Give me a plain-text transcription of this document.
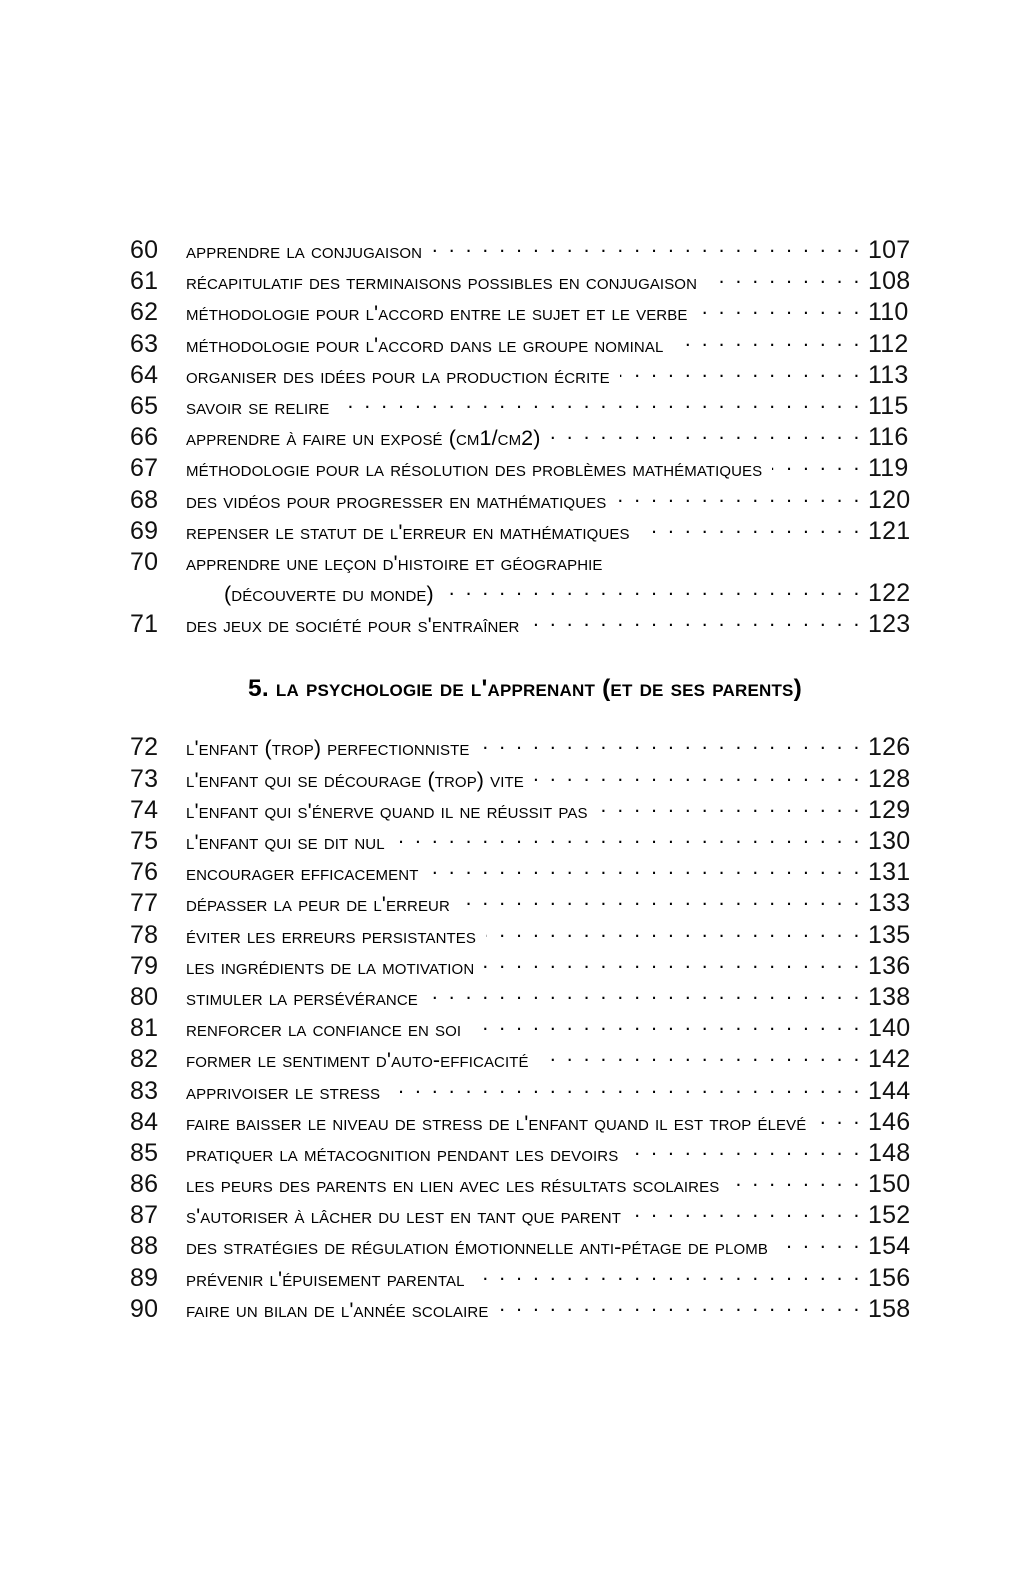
60	apprendre la conjugaison . . .	107
61	récapitulatif des terminaisons possibles en conjugaison . . .	108
62	méthodologie pour l'accord entre le sujet et le verbe . . .	110
63	méthodologie pour l'accord dans le groupe nominal . . .	112
64	organiser des idées pour la production écrite . . .	113
65	savoir se relire . . .	115
66	apprendre à faire un exposé (cm1/cm2) . . .	116
67	méthodologie pour la résolution des problèmes mathématiques . . .	119
68	des vidéos pour progresser en mathématiques . . .	120
69	repenser le statut de l'erreur en mathématiques . . .	121
70	apprendre une leçon d'histoire et géographie
(découverte du monde) . . .	122
71	des jeux de société pour s'entraîner . . .	123
5. la psychologie de l'apprenant (et de ses parents)
72	l'enfant (trop) perfectionniste . . .	126
73	l'enfant qui se décourage (trop) vite . . .	128
74	l'enfant qui s'énerve quand il ne réussit pas . . .	129
75	l'enfant qui se dit nul . . .	130
76	encourager efficacement . . .	131
77	dépasser la peur de l'erreur . . .	133
78	éviter les erreurs persistantes . . .	135
79	les ingrédients de la motivation . . .	136
80	stimuler la persévérance . . .	138
81	renforcer la confiance en soi . . .	140
82	former le sentiment d'auto-efficacité . . .	142
83	apprivoiser le stress . . .	144
84	faire baisser le niveau de stress de l'enfant quand il est trop élevé . . . 146
85	pratiquer la métacognition pendant les devoirs . . .	148
86	les peurs des parents en lien avec les résultats scolaires . . .	150
87	s'autoriser à lâcher du lest en tant que parent . . .	152
88	des stratégies de régulation émotionnelle anti-pétage de plomb . . .	154
89	prévenir l'épuisement parental . . .	156
90	faire un bilan de l'année scolaire . . .	158
